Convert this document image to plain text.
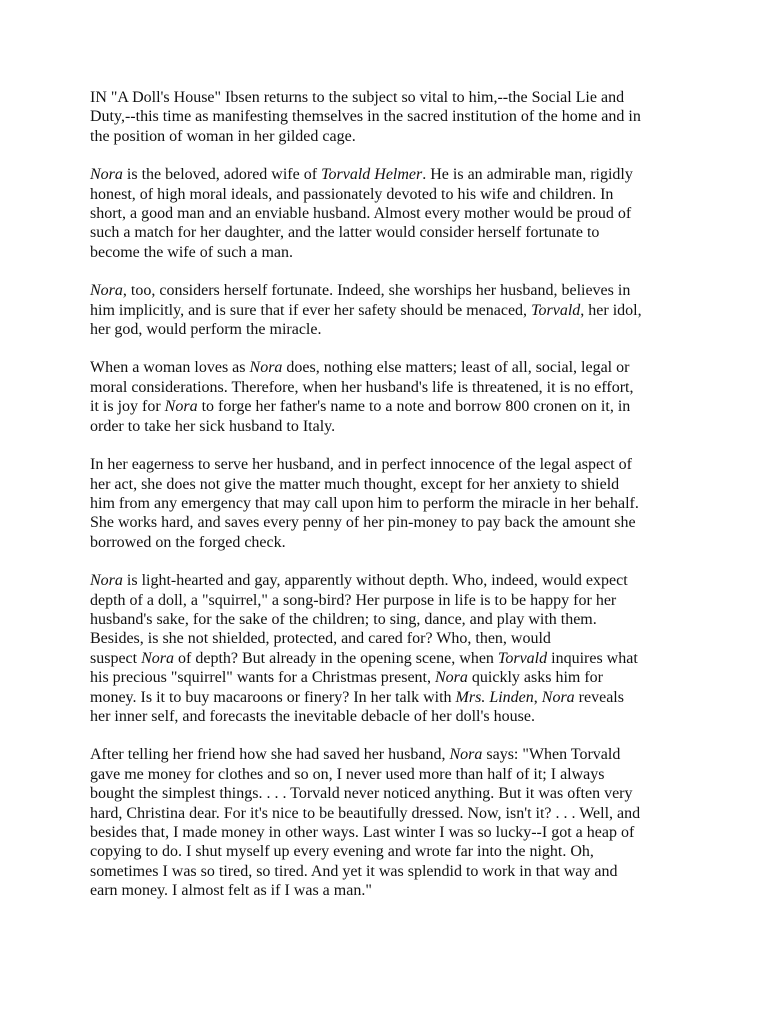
IN "A Doll's House" Ibsen returns to the subject so vital to him,--the Social Lie and
Duty,--this time as manifesting themselves in the sacred institution of the home and in
the position of woman in her gilded cage.

Nora is the beloved, adored wife of Torvald Helmer. He is an admirable man, rigidly
honest, of high moral ideals, and passionately devoted to his wife and children. In
short, a good man and an enviable husband. Almost every mother would be proud of
such a match for her daughter, and the latter would consider herself fortunate to
become the wife of such a man.

Nora, too, considers herself fortunate. Indeed, she worships her husband, believes in
him implicitly, and is sure that if ever her safety should be menaced, Torvald, her idol,
her god, would perform the miracle.

When a woman loves as Nora does, nothing else matters; least of all, social, legal or
moral considerations. Therefore, when her husband's life is threatened, it is no effort,
it is joy for Nora to forge her father's name to a note and borrow 800 cronen on it, in
order to take her sick husband to Italy.

In her eagerness to serve her husband, and in perfect innocence of the legal aspect of
her act, she does not give the matter much thought, except for her anxiety to shield
him from any emergency that may call upon him to perform the miracle in her behalf.
She works hard, and saves every penny of her pin-money to pay back the amount she
borrowed on the forged check.

Nora is light-hearted and gay, apparently without depth. Who, indeed, would expect
depth of a doll, a "squirrel," a song-bird? Her purpose in life is to be happy for her
husband's sake, for the sake of the children; to sing, dance, and play with them.
Besides, is she not shielded, protected, and cared for? Who, then, would
suspect Nora of depth? But already in the opening scene, when Torvald inquires what
his precious "squirrel" wants for a Christmas present, Nora quickly asks him for
money. Is it to buy macaroons or finery? In her talk with Mrs. Linden, Nora reveals
her inner self, and forecasts the inevitable debacle of her doll's house.

After telling her friend how she had saved her husband, Nora says: "When Torvald
gave me money for clothes and so on, I never used more than half of it; I always
bought the simplest things. . . . Torvald never noticed anything. But it was often very
hard, Christina dear. For it's nice to be beautifully dressed. Now, isn't it? . . . Well, and
besides that, I made money in other ways. Last winter I was so lucky--I got a heap of
copying to do. I shut myself up every evening and wrote far into the night. Oh,
sometimes I was so tired, so tired. And yet it was splendid to work in that way and
earn money. I almost felt as if I was a man."
